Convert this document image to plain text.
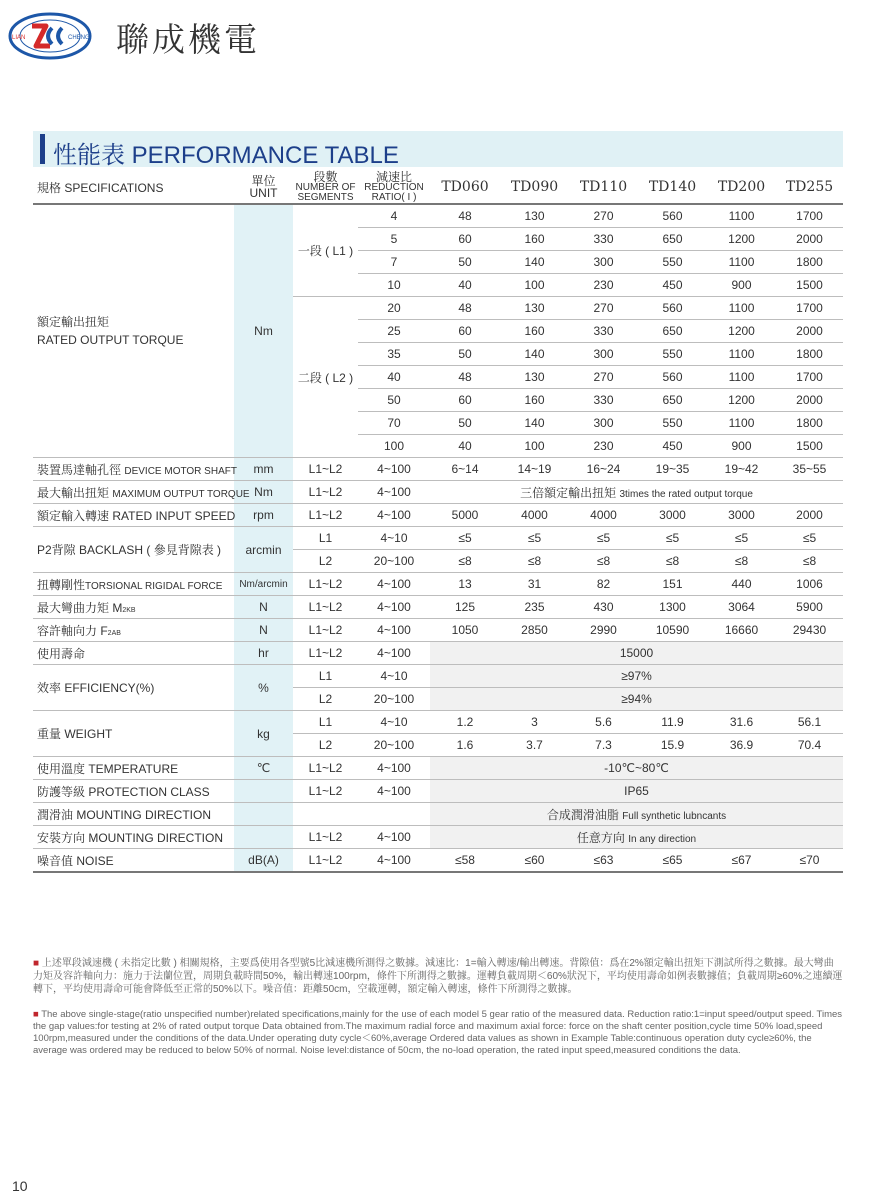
LIAN	CHENG 聯成機電
性能表 PERFORMANCE TABLE
規格 SPECIFICATIONS	單位
UNIT	段數
NUMBER OF
SEGMENTS	減速比
REDUCTION
RATIO( I )	TD060	TD090	TD110	TD140	TD200	TD255

額定輸出扭矩
RATED OUTPUT TORQUE	Nm	一段 ( L1 )	4	48	130	270	560	1100	1700
			5	60	160	330	650	1200	2000
			7	50	140	300	550	1100	1800
			10	40	100	230	450	900	1500
		二段 ( L2 )	20	48	130	270	560	1100	1700
			25	60	160	330	650	1200	2000
			35	50	140	300	550	1100	1800
			40	48	130	270	560	1100	1700
			50	60	160	330	650	1200	2000
			70	50	140	300	550	1100	1800
			100	40	100	230	450	900	1500
裝置馬達軸孔徑 DEVICE MOTOR SHAFT	mm	L1~L2	4~100	6~14	14~19	16~24	19~35	19~42	35~55
最大輸出扭矩 MAXIMUM OUTPUT TORQUE	Nm	L1~L2	4~100	三倍額定輸出扭矩 3times the rated output torque					
額定輸入轉速 RATED INPUT SPEED	rpm	L1~L2	4~100	5000	4000	4000	3000	3000	2000
P2背隙 BACKLASH ( 參見背隙表 )	arcmin	L1	4~10	≤5	≤5	≤5	≤5	≤5	≤5
		L2	20~100	≤8	≤8	≤8	≤8	≤8	≤8
扭轉剛性TORSIONAL RIGIDAL FORCE	Nm/arcmin	L1~L2	4~100	13	31	82	151	440	1006
最大彎曲力矩 M2KB	N	L1~L2	4~100	125	235	430	1300	3064	5900
容許軸向力 F2AB	N	L1~L2	4~100	1050	2850	2990	10590	16660	29430
使用壽命	hr	L1~L2	4~100	15000					
效率 EFFICIENCY(%)	%	L1	4~10	≥97%					
		L2	20~100	≥94%					
重量 WEIGHT	kg	L1	4~10	1.2	3	5.6	11.9	31.6	56.1
		L2	20~100	1.6	3.7	7.3	15.9	36.9	70.4
使用溫度 TEMPERATURE	℃	L1~L2	4~100	-10℃~80℃					
防護等級 PROTECTION CLASS		L1~L2	4~100	IP65					
潤滑油 MOUNTING DIRECTION				合成潤滑油脂 Full synthetic lubncants					
安裝方向 MOUNTING DIRECTION		L1~L2	4~100	任意方向 In any direction					
噪音值 NOISE	dB(A)	L1~L2	4~100	≤58	≤60	≤63	≤65	≤67	≤70
■ 上述單段減速機 ( 未指定比數 ) 相關規格，主要爲使用各型號5比減速機所測得之數據。減速比：1=輸入轉速/輸出轉速。背隙值：爲在2%額定輸出扭矩下測試所得之數據。最大彎曲力矩及容許軸向力：施力于法蘭位置，周期負載時間50%，輸出轉速100rpm，條件下所測得之數據。運轉負載周期＜60%狀況下，平均使用壽命如例表數據值；負載周期≥60%之連續運轉下，平均使用壽命可能會降低至正常的50%以下。噪音值：距離50cm，空載運轉，額定輸入轉速，條件下所測得之數據。
■ The above single-stage(ratio unspecified number)related specifications,mainly for the use of each model 5 gear ratio of the measured data. Reduction ratio:1=input speed/output speed. Times the gap values:for testing at 2% of rated output torque Data obtained from.The maximum radial force and maximum axial force: force on the shaft center position,cycle time 50% load,speed 100rpm,measured under the conditions of the data.Under operating duty cycle＜60%,average Ordered data values as shown in Example Table:continuous operation duty cycle≥60%, the average was ordered may be reduced to below 50% of normal. Noise level:distance of 50cm, the no-load operation, the rated input speed,measured conditions the data.
10
